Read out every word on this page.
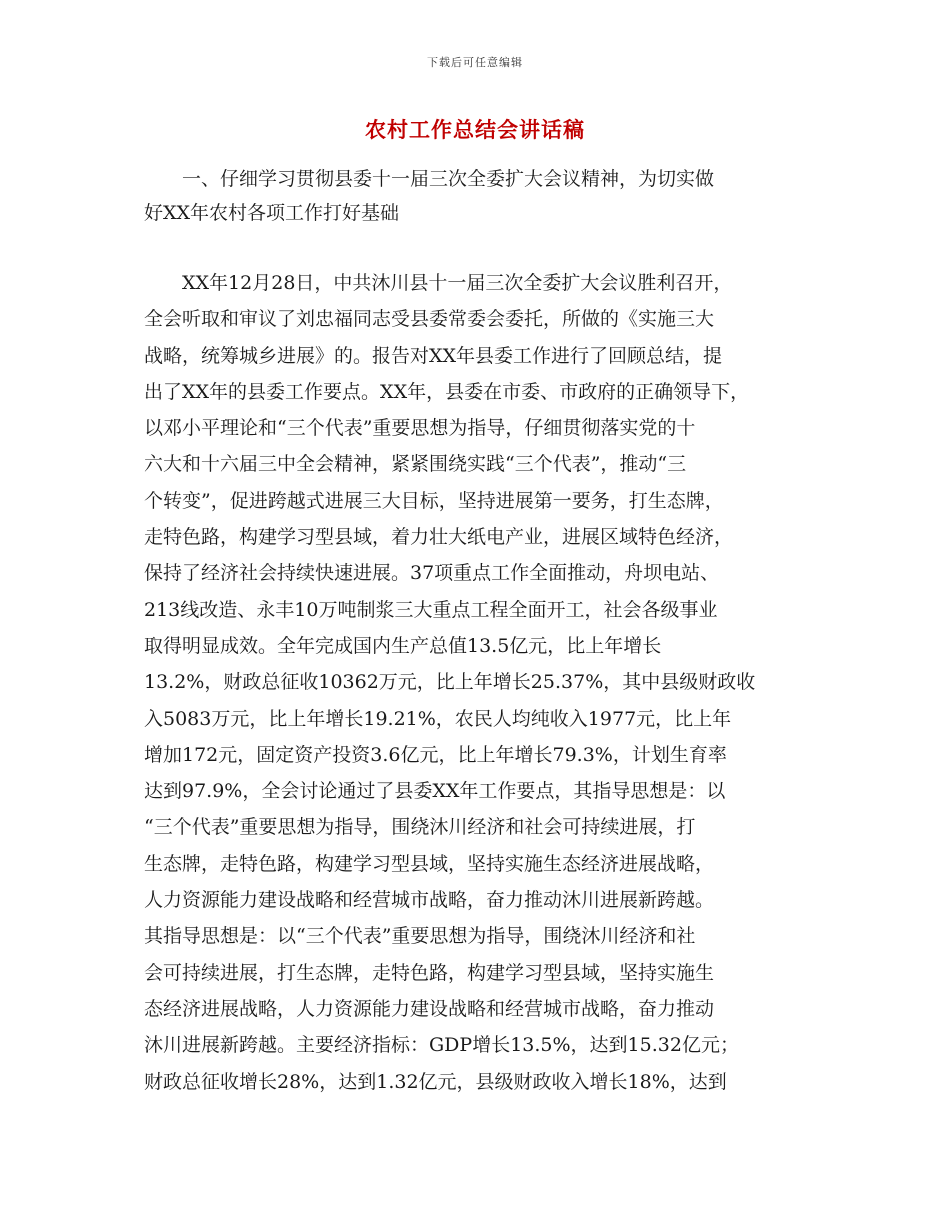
下载后可任意编辑
农村工作总结会讲话稿
　　一、仔细学习贯彻县委十一届三次全委扩大会议精神，为切实做
好XX年农村各项工作打好基础
　　XX年12月28日，中共沐川县十一届三次全委扩大会议胜利召开，
全会听取和审议了刘忠福同志受县委常委会委托，所做的《实施三大
战略，统筹城乡进展》的。报告对XX年县委工作进行了回顾总结，提
出了XX年的县委工作要点。XX年，县委在市委、市政府的正确领导下，
以邓小平理论和“三个代表”重要思想为指导，仔细贯彻落实党的十
六大和十六届三中全会精神，紧紧围绕实践“三个代表”，推动“三
个转变”，促进跨越式进展三大目标，坚持进展第一要务，打生态牌，
走特色路，构建学习型县域，着力壮大纸电产业，进展区域特色经济，
保持了经济社会持续快速进展。37项重点工作全面推动，舟坝电站、
213线改造、永丰10万吨制浆三大重点工程全面开工，社会各级事业
取得明显成效。全年完成国内生产总值13.5亿元，比上年增长
13.2%，财政总征收10362万元，比上年增长25.37%，其中县级财政收
入5083万元，比上年增长19.21%，农民人均纯收入1977元，比上年
增加172元，固定资产投资3.6亿元，比上年增长79.3%，计划生育率
达到97.9%，全会讨论通过了县委XX年工作要点，其指导思想是：以
“三个代表”重要思想为指导，围绕沐川经济和社会可持续进展，打
生态牌，走特色路，构建学习型县域，坚持实施生态经济进展战略，
人力资源能力建设战略和经营城市战略，奋力推动沐川进展新跨越。
其指导思想是：以“三个代表”重要思想为指导，围绕沐川经济和社
会可持续进展，打生态牌，走特色路，构建学习型县域，坚持实施生
态经济进展战略，人力资源能力建设战略和经营城市战略，奋力推动
沐川进展新跨越。主要经济指标：GDP增长13.5%，达到15.32亿元；
财政总征收增长28%，达到1.32亿元，县级财政收入增长18%，达到
